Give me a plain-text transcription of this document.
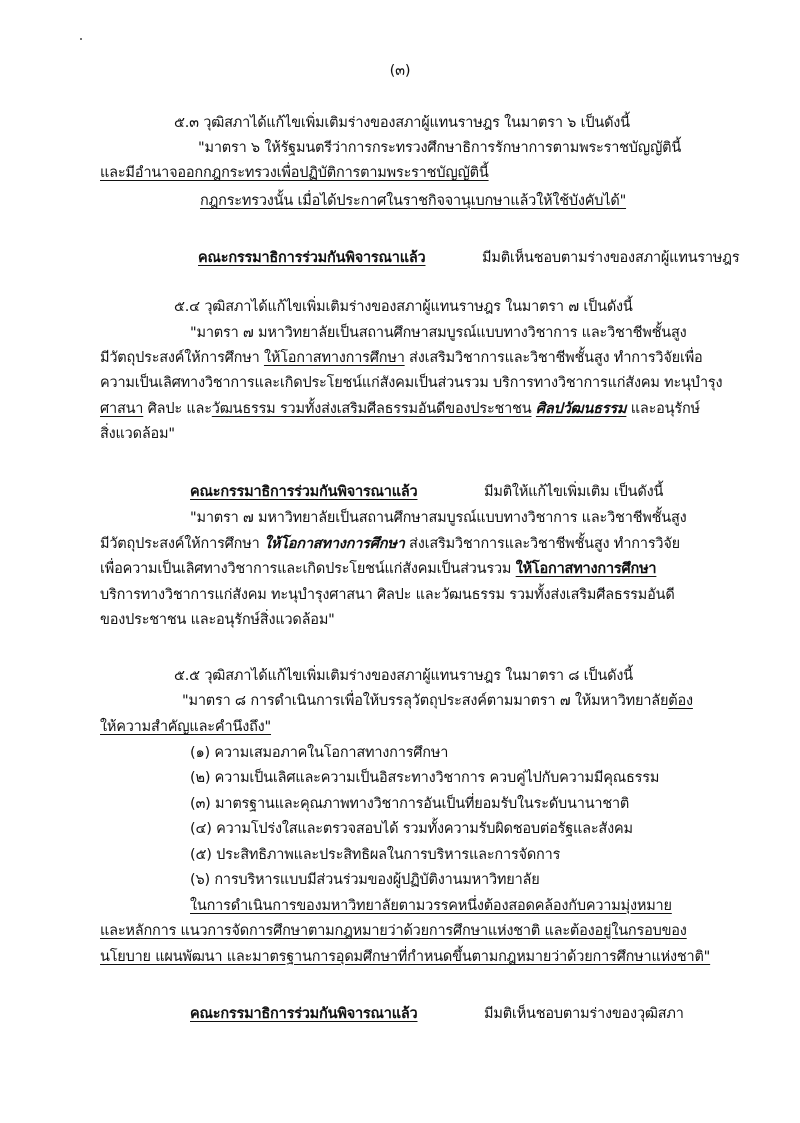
(๓)
๕.๓ วุฒิสภาได้แก้ไขเพิ่มเติมร่างของสภาผู้แทนราษฎร ในมาตรา ๖ เป็นดังนี้
"มาตรา ๖ ให้รัฐมนตรีว่าการกระทรวงศึกษาธิการรักษาการตามพระราชบัญญัตินี้
และมีอำนาจออกกฎกระทรวงเพื่อปฏิบัติการตามพระราชบัญญัตินี้
กฎกระทรวงนั้น เมื่อได้ประกาศในราชกิจจานุเบกษาแล้วให้ใช้บังคับได้"
คณะกรรมาธิการร่วมกันพิจารณาแล้ว	มีมติเห็นชอบตามร่างของสภาผู้แทนราษฎร
๕.๔ วุฒิสภาได้แก้ไขเพิ่มเติมร่างของสภาผู้แทนราษฎร ในมาตรา ๗ เป็นดังนี้
"มาตรา ๗ มหาวิทยาลัยเป็นสถานศึกษาสมบูรณ์แบบทางวิชาการ และวิชาชีพชั้นสูง
มีวัตถุประสงค์ให้การศึกษา ให้โอกาสทางการศึกษา ส่งเสริมวิชาการและวิชาชีพชั้นสูง ทำการวิจัยเพื่อ
ความเป็นเลิศทางวิชาการและเกิดประโยชน์แก่สังคมเป็นส่วนรวม บริการทางวิชาการแก่สังคม ทะนุบำรุง
ศาสนา ศิลปะ และวัฒนธรรม รวมทั้งส่งเสริมศีลธรรมอันดีของประชาชน ศิลปวัฒนธรรม และอนุรักษ์
สิ่งแวดล้อม"
คณะกรรมาธิการร่วมกันพิจารณาแล้ว	มีมติให้แก้ไขเพิ่มเติม เป็นดังนี้
"มาตรา ๗ มหาวิทยาลัยเป็นสถานศึกษาสมบูรณ์แบบทางวิชาการ และวิชาชีพชั้นสูง
มีวัตถุประสงค์ให้การศึกษา ให้โอกาสทางการศึกษา ส่งเสริมวิชาการและวิชาชีพชั้นสูง ทำการวิจัย
เพื่อความเป็นเลิศทางวิชาการและเกิดประโยชน์แก่สังคมเป็นส่วนรวม ให้โอกาสทางการศึกษา
บริการทางวิชาการแก่สังคม ทะนุบำรุงศาสนา ศิลปะ และวัฒนธรรม รวมทั้งส่งเสริมศีลธรรมอันดี
ของประชาชน และอนุรักษ์สิ่งแวดล้อม"
๕.๕ วุฒิสภาได้แก้ไขเพิ่มเติมร่างของสภาผู้แทนราษฎร ในมาตรา ๘ เป็นดังนี้
"มาตรา ๘ การดำเนินการเพื่อให้บรรลุวัตถุประสงค์ตามมาตรา ๗ ให้มหาวิทยาลัยต้อง
ให้ความสำคัญและคำนึงถึง"
(๑) ความเสมอภาคในโอกาสทางการศึกษา
(๒) ความเป็นเลิศและความเป็นอิสระทางวิชาการ ควบคู่ไปกับความมีคุณธรรม
(๓) มาตรฐานและคุณภาพทางวิชาการอันเป็นที่ยอมรับในระดับนานาชาติ
(๔) ความโปร่งใสและตรวจสอบได้ รวมทั้งความรับผิดชอบต่อรัฐและสังคม
(๕) ประสิทธิภาพและประสิทธิผลในการบริหารและการจัดการ
(๖) การบริหารแบบมีส่วนร่วมของผู้ปฏิบัติงานมหาวิทยาลัย
ในการดำเนินการของมหาวิทยาลัยตามวรรคหนึ่งต้องสอดคล้องกับความมุ่งหมาย
และหลักการ แนวการจัดการศึกษาตามกฎหมายว่าด้วยการศึกษาแห่งชาติ และต้องอยู่ในกรอบของ
นโยบาย แผนพัฒนา และมาตรฐานการอุดมศึกษาที่กำหนดขึ้นตามกฎหมายว่าด้วยการศึกษาแห่งชาติ"
คณะกรรมาธิการร่วมกันพิจารณาแล้ว	มีมติเห็นชอบตามร่างของวุฒิสภา
